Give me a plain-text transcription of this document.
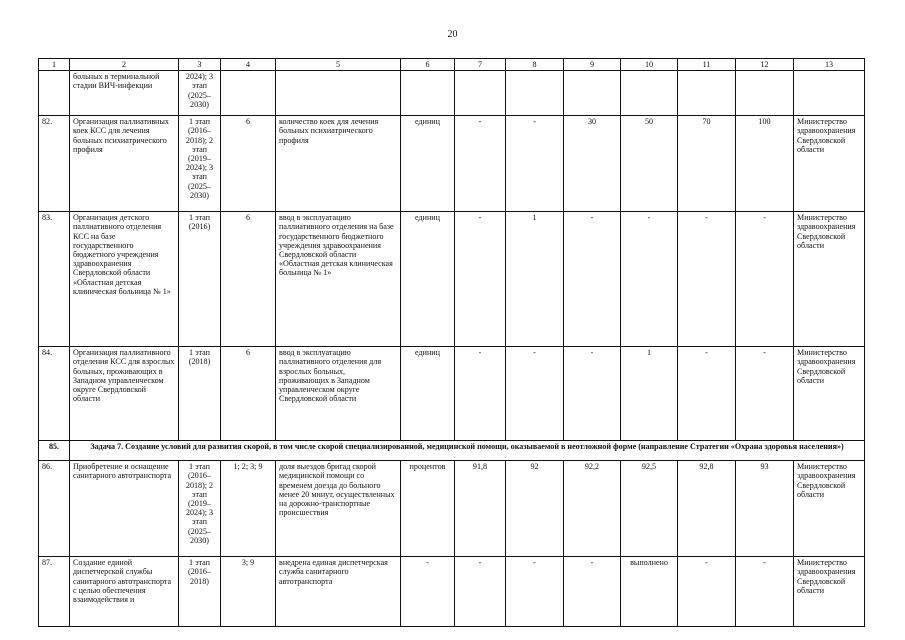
20
1	2	3	4	5	6	7	8	9	10	11	12	13
	больных в терминальной стадии ВИЧ-инфекции	2024); 3 этап (2025–2030)										
82.	Организация паллиативных коек КСС для лечения больных психиатрического профиля	1 этап (2016–2018); 2 этап (2019–2024); 3 этап (2025–2030)	6	количество коек для лечения больных психиатрического профиля	единиц	-	-	30	50	70	100	Министерство здравоохранения Свердловской области
83.	Организация детского паллиативного отделения КСС на базе государственного бюджетного учреждения здравоохранения Свердловской области «Областная детская клиническая больница № 1»	1 этап (2016)	6	ввод в эксплуатацию паллиативного отделения на базе государственного бюджетного учреждения здравоохранения Свердловской области «Областная детская клиническая больница № 1»	единиц	-	1	-	-	-	-	Министерство здравоохранения Свердловской области
84.	Организация паллиативного отделения КСС для взрослых больных, проживающих в Западном управленческом округе Свердловской области	1 этап (2018)	6	ввод в эксплуатацию паллиативного отделения для взрослых больных, проживающих в Западном управленческом округе Свердловской области	единиц	-	-	-	1	-	-	Министерство здравоохранения Свердловской области
85.	Задача 7. Создание условий для развития скорой, в том числе скорой специализированной, медицинской помощи, оказываемой в неотложной форме (направление Стратегии «Охрана здоровья населения»)											
86.	Приобретение и оснащение санитарного автотранспорта	1 этап (2016–2018); 2 этап (2019–2024); 3 этап (2025–2030)	1; 2; 3; 9	доля выездов бригад скорой медицинской помощи со временем доезда до больного менее 20 минут, осуществленных на дорожно-транспортные происшествия	процентов	91,8	92	92,2	92,5	92,8	93	Министерство здравоохранения Свердловской области
87.	Создание единой диспетчерской службы санитарного автотранспорта с целью обеспечения взаимодействия и	1 этап (2016–2018)	3; 9	внедрена единая диспетчерская служба санитарного автотранспорта	-	-	-	-	выполнено	-	-	Министерство здравоохранения Свердловской области
